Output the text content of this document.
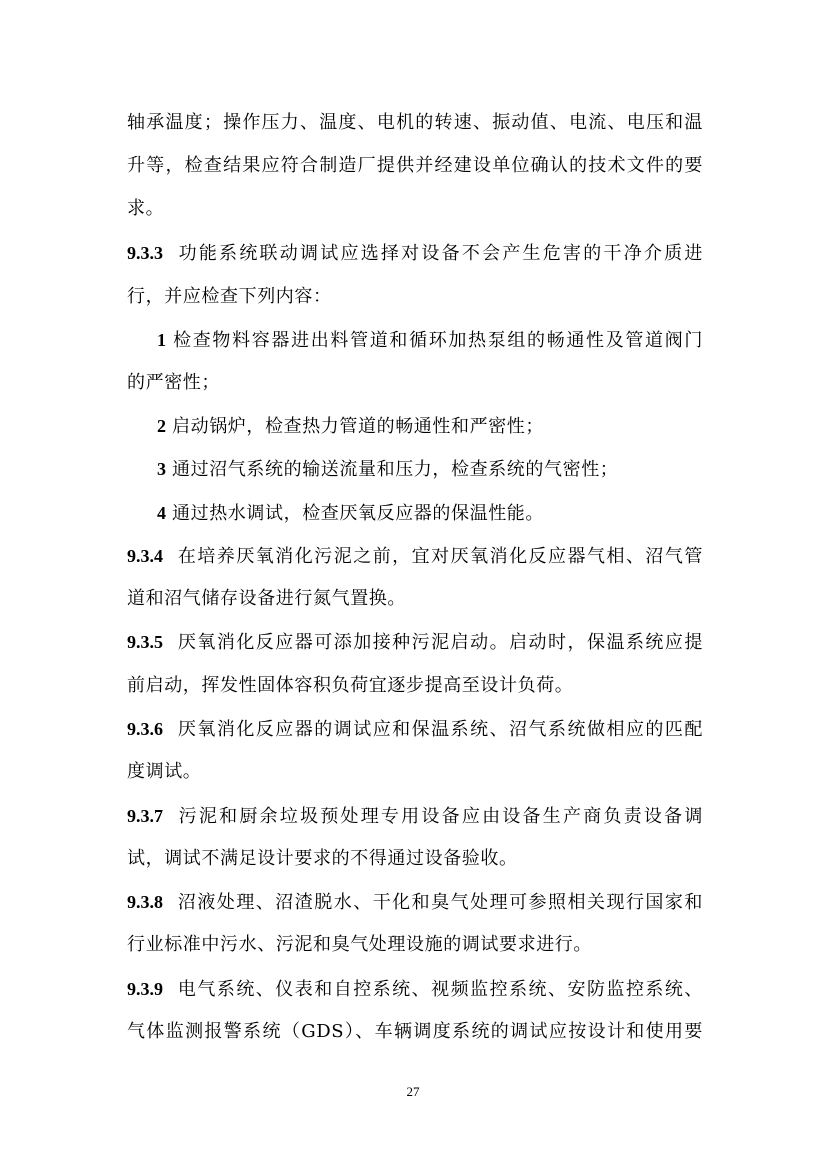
轴承温度；操作压力、温度、电机的转速、振动值、电流、电压和温
升等，检查结果应符合制造厂提供并经建设单位确认的技术文件的要
求。
9.3.3 功能系统联动调试应选择对设备不会产生危害的干净介质进
行，并应检查下列内容：
1 检查物料容器进出料管道和循环加热泵组的畅通性及管道阀门
的严密性；
2 启动锅炉，检查热力管道的畅通性和严密性；
3 通过沼气系统的输送流量和压力，检查系统的气密性；
4 通过热水调试，检查厌氧反应器的保温性能。
9.3.4 在培养厌氧消化污泥之前，宜对厌氧消化反应器气相、沼气管
道和沼气储存设备进行氮气置换。
9.3.5 厌氧消化反应器可添加接种污泥启动。启动时，保温系统应提
前启动，挥发性固体容积负荷宜逐步提高至设计负荷。
9.3.6 厌氧消化反应器的调试应和保温系统、沼气系统做相应的匹配
度调试。
9.3.7 污泥和厨余垃圾预处理专用设备应由设备生产商负责设备调
试，调试不满足设计要求的不得通过设备验收。
9.3.8 沼液处理、沼渣脱水、干化和臭气处理可参照相关现行国家和
行业标准中污水、污泥和臭气处理设施的调试要求进行。
9.3.9 电气系统、仪表和自控系统、视频监控系统、安防监控系统、
气体监测报警系统（GDS）、车辆调度系统的调试应按设计和使用要
27
